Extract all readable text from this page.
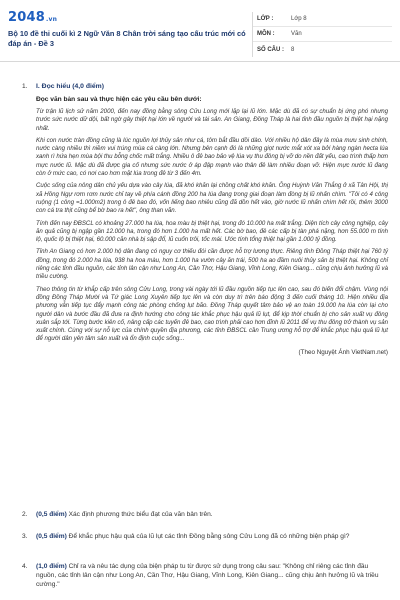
2048.vn
Bộ 10 đề thi cuối kì 2 Ngữ Văn 8 Chân trời sáng tạo cấu trúc mới có đáp án - Đề 3
LỚP :	Lớp 8
MÔN :	Văn
SỐ CÂU :	8
1.	I. Đọc hiểu (4,0 điểm)
Đọc văn bản sau và thực hiện các yêu cầu bên dưới:

Từ trận lũ lịch sử năm 2000, đến nay đồng bằng sông Cửu Long mới lặp lại lũ lớn. Mặc dù đã có sự chuẩn bị ứng phó nhưng trước sức nước dữ dội, bất ngờ gây thiệt hại lớn về người và tài sản. An Giang, Đồng Tháp là hai tỉnh đầu nguồn bị thiệt hại nặng nhất.

Khi con nước tràn đồng cũng là lúc nguồn lợi thủy sản như cá, tôm bắt đầu dồi dào. Với nhiều hộ dân đây là mùa mưu sinh chính, nước càng nhiều thì niềm vui trúng mùa cá càng lớn. Nhưng bên cạnh đó là những giọt nước mắt xót xa bởi hàng ngàn hecta lúa xanh rì hứa hẹn mùa bội thu bỗng chốc mất trắng. Nhiều ô đê bao bảo vệ lúa vụ thu đông bị vỡ do nền đất yếu, cao trình thấp hơn mực nước lũ. Mặc dù đã được gia cố nhưng sức nước ở áp đập mạnh vào thân đê làm nhiều đoạn vỡ. Hiện mực nước lũ đang còn ở mức cao, có nơi cao hơn mặt lúa trong đê từ 3 đến 4m.

Cuộc sống của nông dân chủ yếu dựa vào cây lúa, đã khó khăn lại chồng chất khó khăn. Ông Huỳnh Văn Thắng ở xã Tân Hội, thị xã Hồng Ngự rơm rơm nước chỉ tay về phía cánh đồng 200 ha lúa đang trong giai đoạn làm đòng bị lũ nhấn chìm. "Tôi có 4 công ruộng (1 công =1.000m2) trong ô đê bao đó, vốn liếng bao nhiêu cũng đã dồn hết vào, giờ nước lũ nhấn chìm hết rồi, thêm 3000 con cá tra thịt cũng bể bờ bao ra hết", ông than vãn.

Tính đến nay ĐBSCL có khoảng 27.000 ha lúa, hoa màu bị thiệt hại, trong đó 10.000 ha mất trắng. Diện tích cây công nghiệp, cây ăn quả cũng bị ngập gần 12.000 ha, trong đó hơn 1.000 ha mất hết. Các bờ bao, đê các cấp bị tàn phá nặng, hơn 55.000 m tính lộ, quốc lộ bị thiệt hại, 60.000 căn nhà bị sập đổ, lũ cuốn trôi, tốc mái. Ước tính tổng thiệt hại gần 1.000 tỷ đồng.

Tỉnh An Giang có hơn 2.000 hộ dân đang có nguy cơ thiếu đói cần được hỗ trợ lương thực. Riêng tỉnh Đồng Tháp thiệt hại 760 tỷ đồng, trong đó 2.000 ha lúa, 938 ha hoa màu, hơn 1.000 ha vườn cây ăn trái, 500 ha ao đầm nuôi thủy sản bị thiệt hại. Không chỉ riêng các tỉnh đầu nguồn, các tỉnh lân cận như Long An, Cần Thơ, Hậu Giang, Vĩnh Long, Kiên Giang... cũng chịu ảnh hưởng lũ và triều cường.

Theo thông tin từ khắp cấp trên sông Cửu Long, trong vài ngày tới lũ đầu nguồn tiếp tục lên cao, sau đó biến đổi chậm. Vùng nội đồng Đồng Tháp Mười và Tứ giác Long Xuyên tiếp tục lên và còn duy trì trên báo động 3 đến cuối tháng 10. Hiện nhiều địa phương vẫn tiếp tục đẩy mạnh công tác phòng chống lụt bão. Đồng Tháp quyết tâm bảo vệ an toàn 19.000 ha lúa còn lại cho người dân và bước đầu đã đưa ra định hướng cho công tác khắc phục hậu quả lũ lụt, để kịp thời chuẩn bị cho sản xuất vụ đông xuân sắp tới. Từng bước kiên cố, nâng cấp các tuyến đê bao, cao trình phải cao hơn đỉnh lũ 2011 để vụ thu đông trở thành vụ sản xuất chính. Cùng với sự nỗ lực của chính quyền địa phương, các tỉnh ĐBSCL cần Trung ương hỗ trợ để khắc phục hậu quả lũ lụt để người dân yên tâm sản xuất và ổn định cuộc sống...

(Theo Nguyệt Ánh VietNam.net)
2.	(0,5 điểm) Xác định phương thức biểu đạt của văn bản trên.
3.	(0,5 điểm) Để khắc phục hậu quả của lũ lụt các tỉnh Đồng bằng sông Cửu Long đã có những biện pháp gì?
4.	(1,0 điểm) Chỉ ra và nêu tác dụng của biện pháp tu từ được sử dụng trong câu sau: "Không chỉ riêng các tỉnh đầu nguồn, các tỉnh lân cận như Long An, Cần Thơ, Hậu Giang, Vĩnh Long, Kiên Giang... cũng chịu ảnh hưởng lũ và triều cường."
